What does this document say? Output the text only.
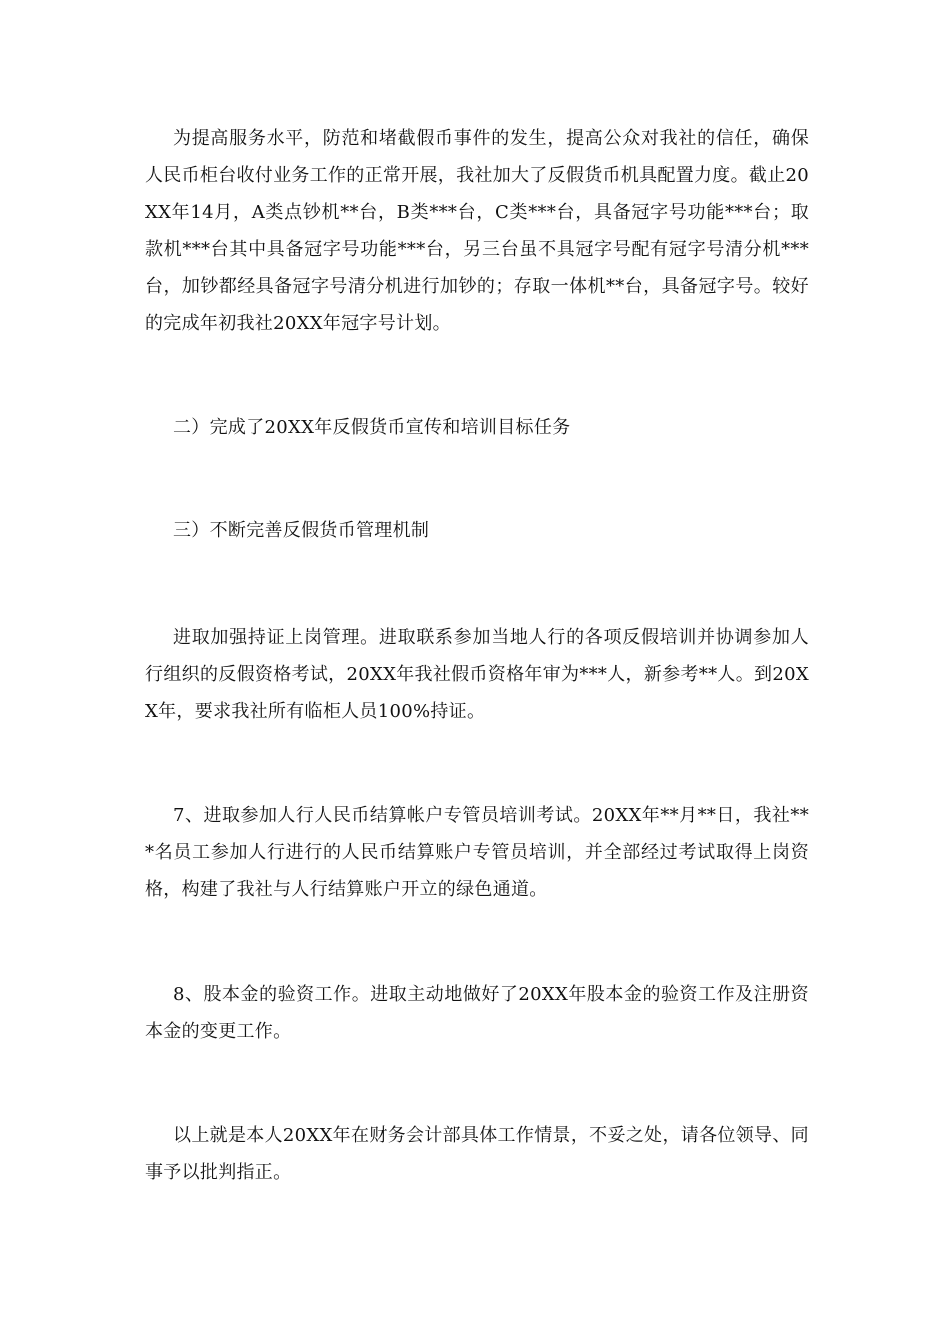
为提高服务水平，防范和堵截假币事件的发生，提高公众对我社的信任，确保人民币柜台收付业务工作的正常开展，我社加大了反假货币机具配置力度。截止20XX年14月，A类点钞机**台，B类***台，C类***台，具备冠字号功能***台；取款机***台其中具备冠字号功能***台，另三台虽不具冠字号配有冠字号清分机***台，加钞都经具备冠字号清分机进行加钞的；存取一体机**台，具备冠字号。较好的完成年初我社20XX年冠字号计划。

二）完成了20XX年反假货币宣传和培训目标任务

三）不断完善反假货币管理机制

进取加强持证上岗管理。进取联系参加当地人行的各项反假培训并协调参加人行组织的反假资格考试，20XX年我社假币资格年审为***人，新参考**人。到20XX年，要求我社所有临柜人员100%持证。

7、进取参加人行人民币结算帐户专管员培训考试。20XX年**月**日，我社***名员工参加人行进行的人民币结算账户专管员培训，并全部经过考试取得上岗资格，构建了我社与人行结算账户开立的绿色通道。

8、股本金的验资工作。进取主动地做好了20XX年股本金的验资工作及注册资本金的变更工作。

以上就是本人20XX年在财务会计部具体工作情景，不妥之处，请各位领导、同事予以批判指正。
